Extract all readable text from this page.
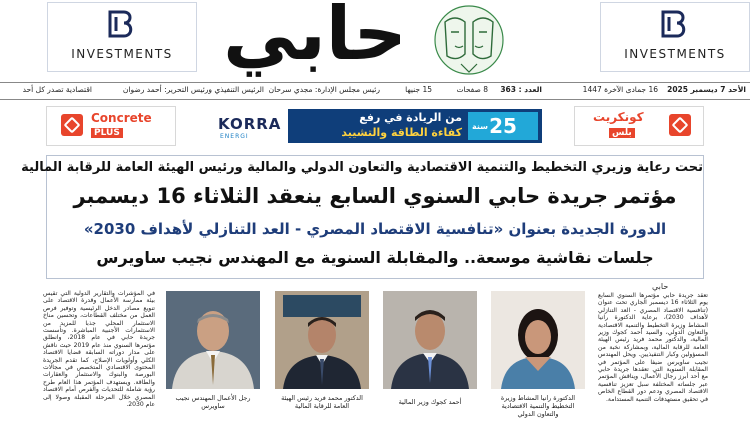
INVESTMENTS	INVESTMENTS
حابي
الأحد 7 ديسمبر 2025
16 جمادى الآخرة 1447
العدد : 363
8 صفحات
15 جنيها
رئيس مجلس الإدارة: مجدي سرحان
الرئيس التنفيذي ورئيس التحرير: أحمد رضوان
اقتصادية تصدر كل أحد
Concrete
PLUS	KORRA
ENERGI
من الريادة في رفع
كفاءة الطاقة والتشييد	25
سنة
كونكريت
بلس
تحت رعاية وزيري التخطيط والتنمية الاقتصادية والتعاون الدولي والمالية ورئيس الهيئة العامة للرقابة المالية
مؤتمر جريدة حابي السنوي السابع ينعقد الثلاثاء 16 ديسمبر
الدورة الجديدة بعنوان «تنافسية الاقتصاد المصري - العد التنازلي لأهداف 2030»
جلسات نقاشية موسعة.. والمقابلة السنوية مع المهندس نجيب ساويرس
حابي
تعقد جريدة حابي مؤتمرها السنوي السابع يوم الثلاثاء 16 ديسمبر الجاري تحت عنوان (تنافسية الاقتصاد المصري - العد التنازلي لأهداف 2030)، برعاية الدكتورة رانيا المشاط وزيرة التخطيط والتنمية الاقتصادية والتعاون الدولي، والسيد أحمد كجوك وزير المالية، والدكتور محمد فريد رئيس الهيئة العامة للرقابة المالية، وبمشاركة نخبة من المسؤولين وكبار التنفيذيين. ويحل المهندس نجيب ساويرس ضيفا على المؤتمر في المقابلة السنوية التي تعقدها جريدة حابي مع أحد أبرز رجال الأعمال، ويناقش المؤتمر عبر جلساته المختلفة سبل تعزيز تنافسية الاقتصاد المصري ودعم دور القطاع الخاص في تحقيق مستهدفات التنمية المستدامة.
في المؤشرات والتقارير الدولية التي تقيس بيئة ممارسة الأعمال وقدرة الاقتصاد على تنويع مصادر الدخل الرئيسية وتوفير فرص العمل من مختلف القطاعات، وتحسين مناخ الاستثمار المحلي جذبا للمزيد من الاستثمارات الأجنبية المباشرة. وتأسست جريدة حابي في عام 2018، وانطلق مؤتمرها السنوي منذ عام 2019 حيث ناقش على مدار دوراته السابقة قضايا الاقتصاد الكلي وأولويات الإصلاح، كما تقدم الجريدة المحتوى الاقتصادي المتخصص في مجالات البورصة والبنوك والاستثمار والعقارات والطاقة. ويستهدف المؤتمر هذا العام طرح رؤية شاملة للتحديات والفرص أمام الاقتصاد المصري خلال المرحلة المقبلة وصولا إلى عام 2030.
الدكتورة رانيا المشاط وزيرة التخطيط والتنمية الاقتصادية والتعاون الدولي
أحمد كجوك وزير المالية
الدكتور محمد فريد رئيس الهيئة العامة للرقابة المالية
رجل الأعمال المهندس نجيب ساويرس
